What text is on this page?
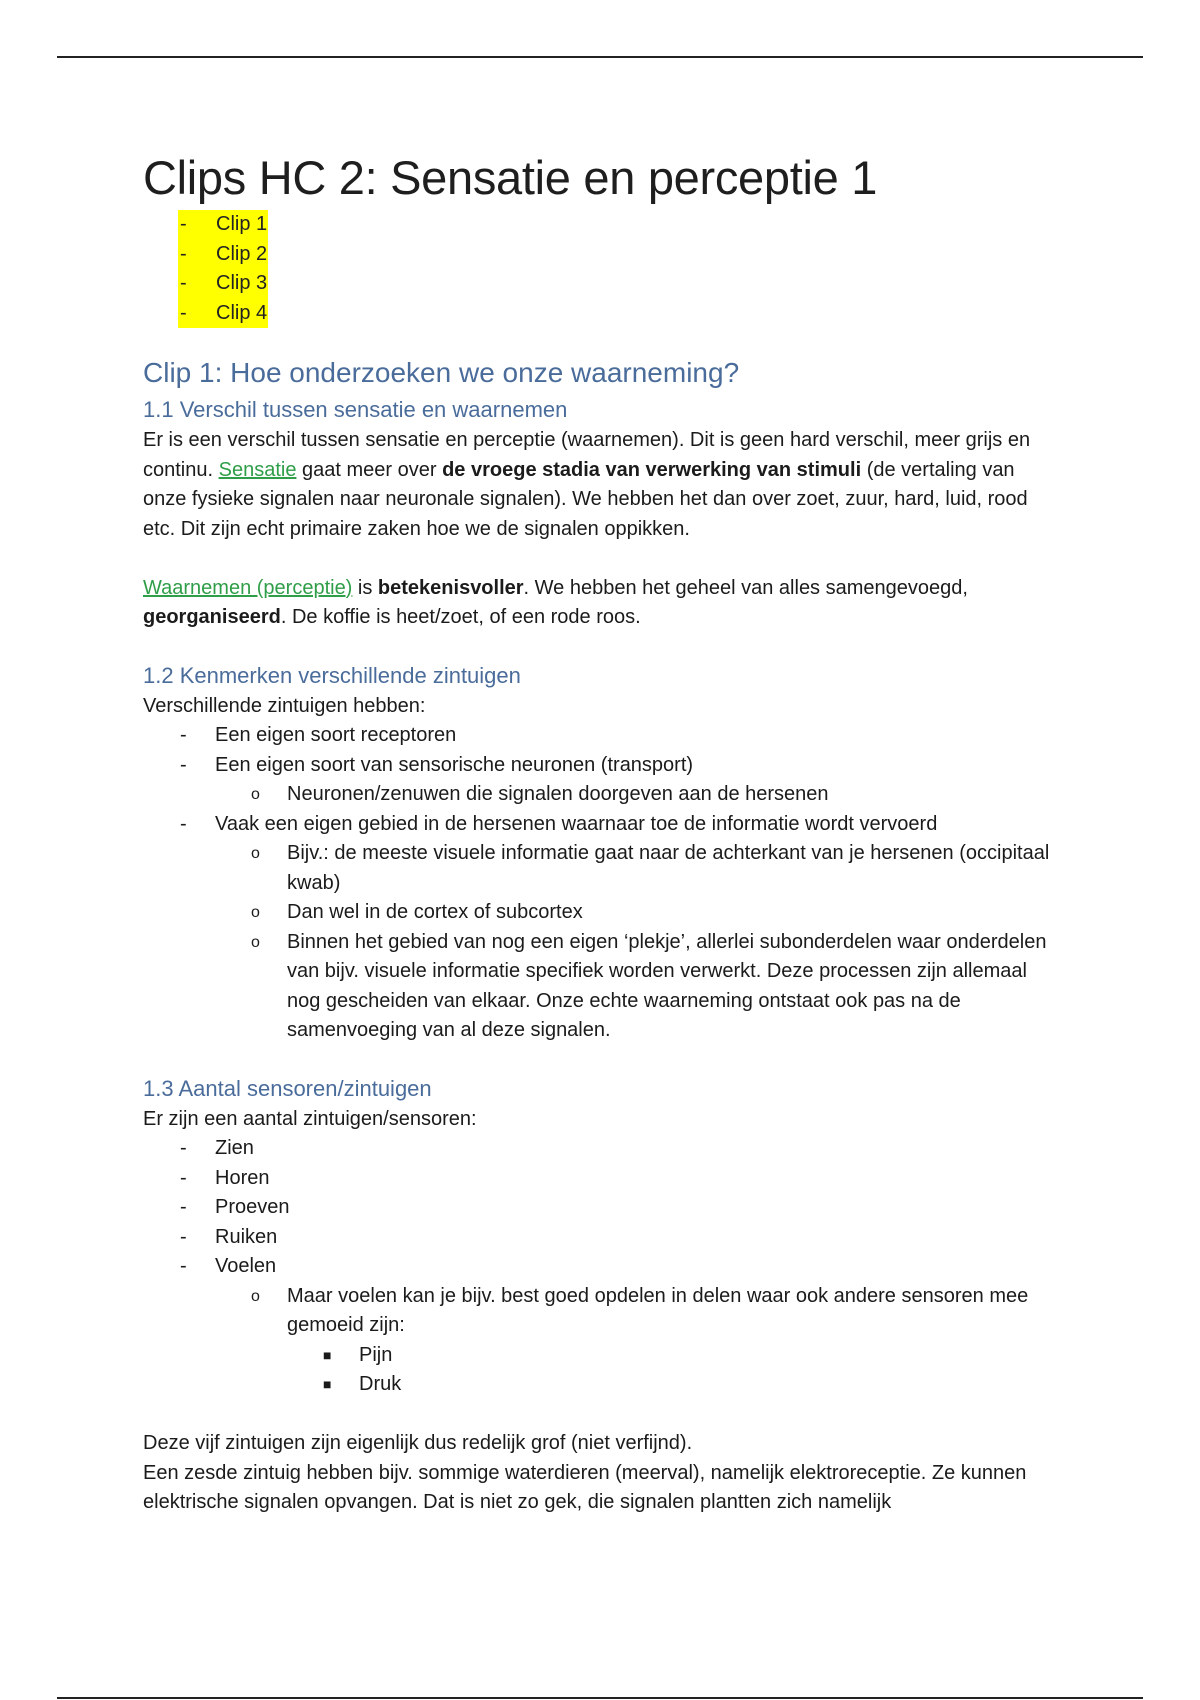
Clips HC 2: Sensatie en perceptie 1
- Clip 1
- Clip 2
- Clip 3
- Clip 4
Clip 1: Hoe onderzoeken we onze waarneming?
1.1 Verschil tussen sensatie en waarnemen

Er is een verschil tussen sensatie en perceptie (waarnemen). Dit is geen hard verschil, meer grijs en continu. Sensatie gaat meer over de vroege stadia van verwerking van stimuli (de vertaling van onze fysieke signalen naar neuronale signalen). We hebben het dan over zoet, zuur, hard, luid, rood etc. Dit zijn echt primaire zaken hoe we de signalen oppikken.

Waarnemen (perceptie) is betekenisvoller. We hebben het geheel van alles samengevoegd, georganiseerd. De koffie is heet/zoet, of een rode roos.

1.2 Kenmerken verschillende zintuigen

Verschillende zintuigen hebben:

- Een eigen soort receptoren
- Een eigen soort van sensorische neuronen (transport)
o Neuronen/zenuwen die signalen doorgeven aan de hersenen
- Vaak een eigen gebied in de hersenen waarnaar toe de informatie wordt vervoerd
o Bijv.: de meeste visuele informatie gaat naar de achterkant van je hersenen (occipitaal kwab)
o Dan wel in de cortex of subcortex
o Binnen het gebied van nog een eigen ‘plekje’, allerlei subonderdelen waar onderdelen van bijv. visuele informatie specifiek worden verwerkt. Deze processen zijn allemaal nog gescheiden van elkaar. Onze echte waarneming ontstaat ook pas na de samenvoeging van al deze signalen.
1.3 Aantal sensoren/zintuigen

Er zijn een aantal zintuigen/sensoren:

- Zien
- Horen
- Proeven
- Ruiken
- Voelen
o Maar voelen kan je bijv. best goed opdelen in delen waar ook andere sensoren mee gemoeid zijn:
■ Pijn
■ Druk

Deze vijf zintuigen zijn eigenlijk dus redelijk grof (niet verfijnd).

Een zesde zintuig hebben bijv. sommige waterdieren (meerval), namelijk elektroreceptie. Ze kunnen elektrische signalen opvangen. Dat is niet zo gek, die signalen plantten zich namelijk
